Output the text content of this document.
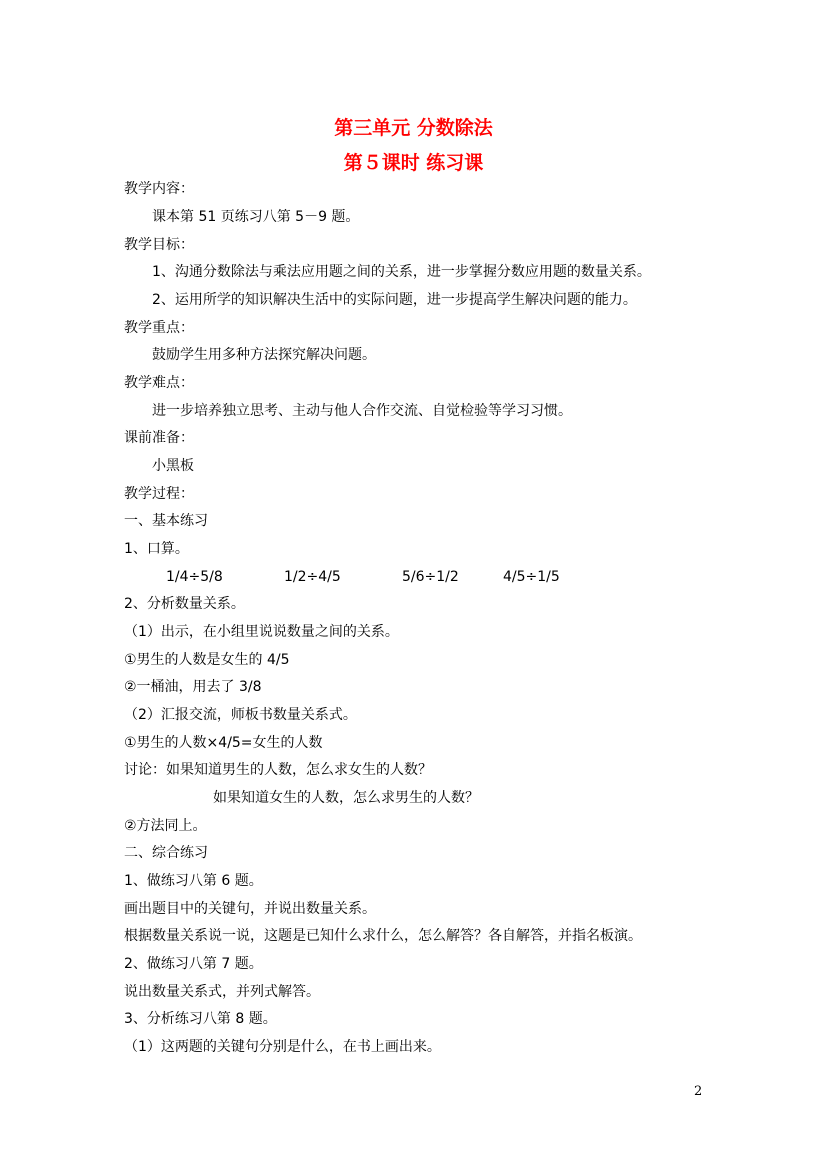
第三单元 分数除法
第５课时 练习课
教学内容：
课本第 51 页练习八第 5－9 题。
教学目标：
1、沟通分数除法与乘法应用题之间的关系，进一步掌握分数应用题的数量关系。
2、运用所学的知识解决生活中的实际问题，进一步提高学生解决问题的能力。
教学重点：
鼓励学生用多种方法探究解决问题。
教学难点：
进一步培养独立思考、主动与他人合作交流、自觉检验等学习习惯。
课前准备：
小黑板
教学过程：
一、基本练习
1、口算。
1/4÷5/8	1/2÷4/5	5/6÷1/2	4/5÷1/5
2、分析数量关系。
（1）出示，在小组里说说数量之间的关系。
①男生的人数是女生的 4/5
②一桶油，用去了 3/8
（2）汇报交流，师板书数量关系式。
①男生的人数×4/5=女生的人数
讨论：如果知道男生的人数，怎么求女生的人数？
如果知道女生的人数，怎么求男生的人数？
②方法同上。
二、综合练习
1、做练习八第 6 题。
画出题目中的关键句，并说出数量关系。
根据数量关系说一说，这题是已知什么求什么，怎么解答？各自解答，并指名板演。
2、做练习八第 7 题。
说出数量关系式，并列式解答。
3、分析练习八第 8 题。
（1）这两题的关键句分别是什么，在书上画出来。
2
